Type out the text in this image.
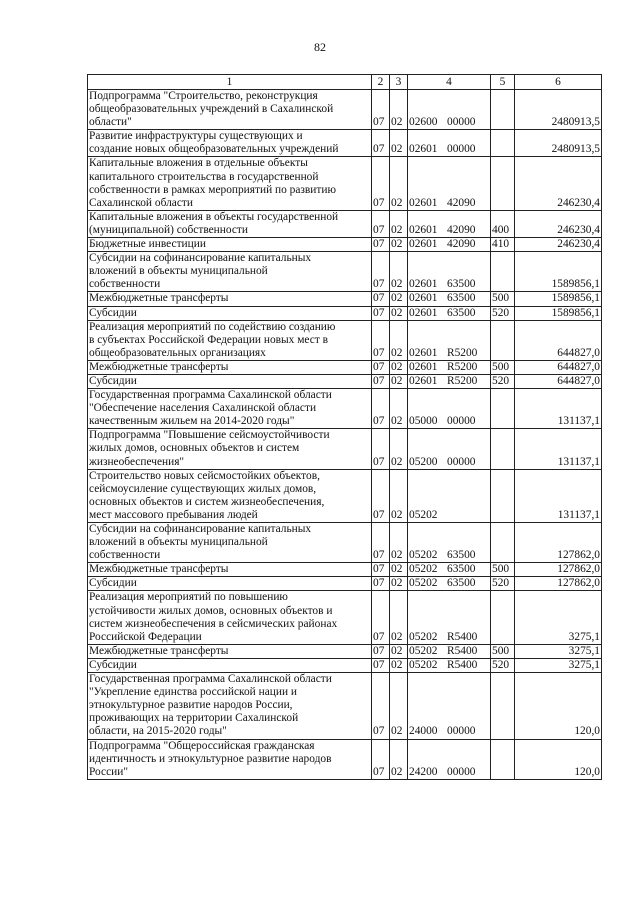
82
1	2	3	4	5	6
Подпрограмма "Строительство, реконструкция
общеобразовательных учреждений в Сахалинской
области"	07	02	02600 00000		2480913,5
Развитие инфраструктуры существующих и
создание новых общеобразовательных учреждений	07	02	02601 00000		2480913,5
Капитальные вложения в отдельные объекты
капитального строительства в государственной
собственности в рамках мероприятий по развитию
Сахалинской области	07	02	02601 42090		246230,4
Капитальные вложения в объекты государственной
(муниципальной) собственности	07	02	02601 42090	400	246230,4
Бюджетные инвестиции	07	02	02601 42090	410	246230,4
Субсидии на софинансирование капитальных
вложений в объекты муниципальной
собственности	07	02	02601 63500		1589856,1
Межбюджетные трансферты	07	02	02601 63500	500	1589856,1
Субсидии	07	02	02601 63500	520	1589856,1
Реализация мероприятий по содействию созданию
в субъектах Российской Федерации новых мест в
общеобразовательных организациях	07	02	02601 R5200		644827,0
Межбюджетные трансферты	07	02	02601 R5200	500	644827,0
Субсидии	07	02	02601 R5200	520	644827,0
Государственная программа Сахалинской области
"Обеспечение населения Сахалинской области
качественным жильем на 2014-2020 годы"	07	02	05000 00000		131137,1
Подпрограмма "Повышение сейсмоустойчивости
жилых домов, основных объектов и систем
жизнеобеспечения"	07	02	05200 00000		131137,1
Строительство новых сейсмостойких объектов,
сейсмоусиление существующих жилых домов,
основных объектов и систем жизнеобеспечения,
мест массового пребывания людей	07	02	05202		131137,1
Субсидии на софинансирование капитальных
вложений в объекты муниципальной
собственности	07	02	05202 63500		127862,0
Межбюджетные трансферты	07	02	05202 63500	500	127862,0
Субсидии	07	02	05202 63500	520	127862,0
Реализация мероприятий по повышению
устойчивости жилых домов, основных объектов и
систем жизнеобеспечения в сейсмических районах
Российской Федерации	07	02	05202 R5400		3275,1
Межбюджетные трансферты	07	02	05202 R5400	500	3275,1
Субсидии	07	02	05202 R5400	520	3275,1
Государственная программа Сахалинской области
"Укрепление единства российской нации и
этнокультурное развитие народов России,
проживающих на территории Сахалинской
области, на 2015-2020 годы"	07	02	24000 00000		120,0
Подпрограмма "Общероссийская гражданская
идентичность и этнокультурное развитие народов
России"	07	02	24200 00000		120,0
